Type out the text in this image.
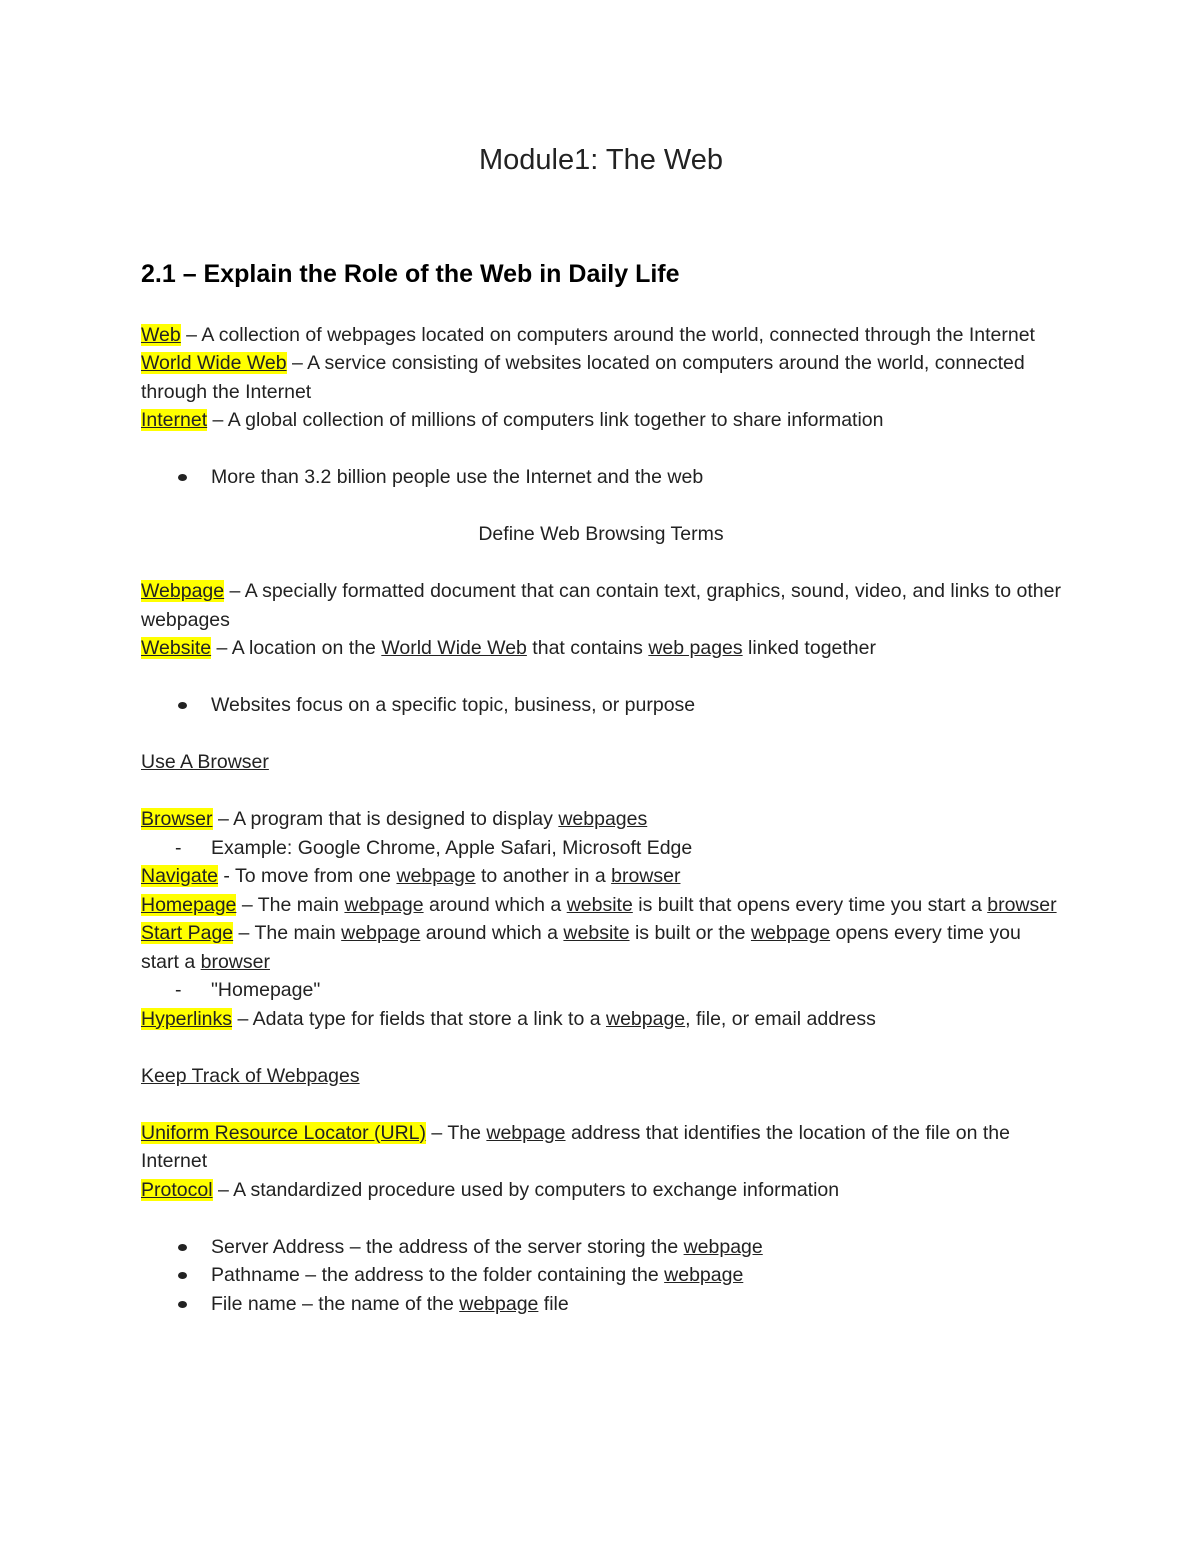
Module1: The Web
2.1 – Explain the Role of the Web in Daily Life

Web – A collection of webpages located on computers around the world, connected through the Internet

World Wide Web – A service consisting of websites located on computers around the world, connected through the Internet

Internet – A global collection of millions of computers link together to share information

More than 3.2 billion people use the Internet and the web

Define Web Browsing Terms

Webpage – A specially formatted document that can contain text, graphics, sound, video, and links to other webpages

Website – A location on the World Wide Web that contains web pages linked together

Websites focus on a specific topic, business, or purpose

Use A Browser

Browser – A program that is designed to display webpages

- Example: Google Chrome, Apple Safari, Microsoft Edge

Navigate - To move from one webpage to another in a browser

Homepage – The main webpage around which a website is built that opens every time you start a browser

Start Page – The main webpage around which a website is built or the webpage opens every time you start a browser

- "Homepage"

Hyperlinks – Adata type for fields that store a link to a webpage, file, or email address

Keep Track of Webpages

Uniform Resource Locator (URL) – The webpage address that identifies the location of the file on the Internet

Protocol – A standardized procedure used by computers to exchange information

Server Address – the address of the server storing the webpage
Pathname – the address to the folder containing the webpage
File name – the name of the webpage file
